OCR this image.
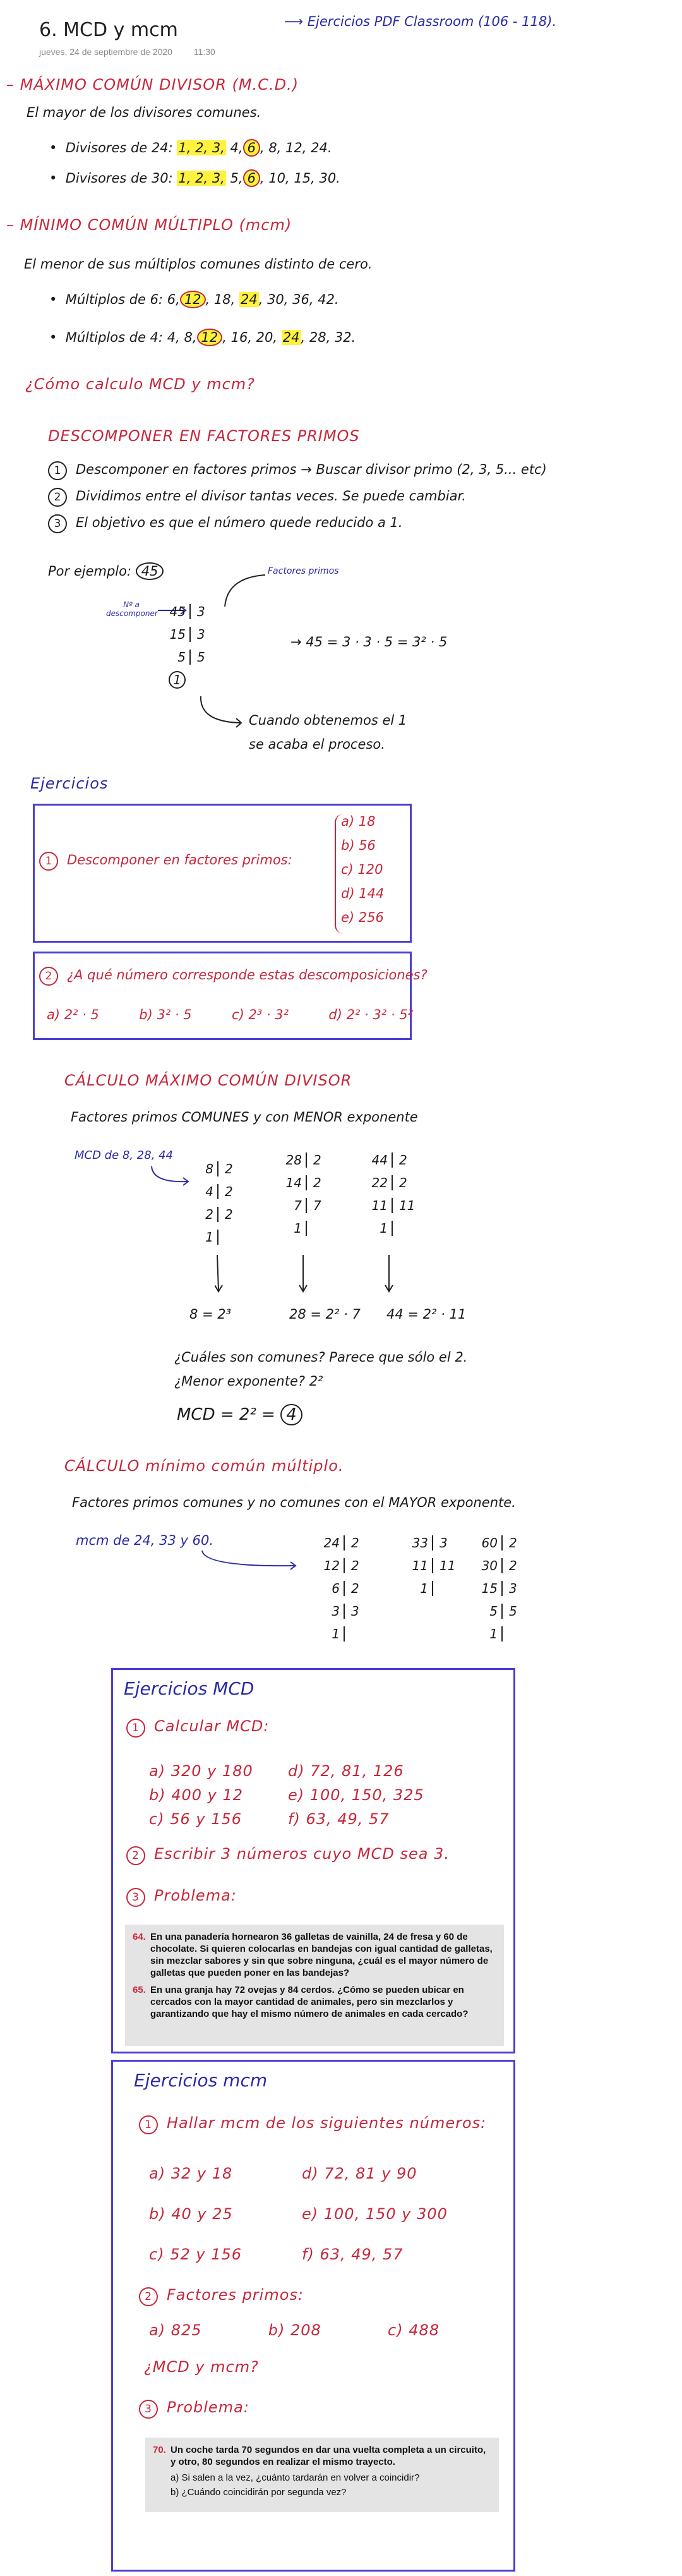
6. MCD y mcm
jueves, 24 de septiembre de 2020 11:30
⟶ Ejercicios PDF Classroom (106 - 118).
– MÁXIMO COMÚN DIVISOR (M.C.D.)
El mayor de los divisores comunes.
•  Divisores de 24: 1, 2, 3, 4, 6 , 8, 12, 24.
•  Divisores de 30: 1, 2, 3, 5, 6 , 10, 15, 30.
– MÍNIMO COMÚN MÚLTIPLO (mcm)
El menor de sus múltiplos comunes distinto de cero.
•  Múltiplos de 6: 6, 12 , 18, 24, 30, 36, 42.
•  Múltiplos de 4: 4, 8, 12 , 16, 20, 24, 28, 32.
¿Cómo calculo MCD y mcm?
DESCOMPONER EN FACTORES PRIMOS
1 Descomponer en factores primos → Buscar divisor primo (2, 3, 5... etc)
2 Dividimos entre el divisor tantas veces. Se puede cambiar.
3 El objetivo es que el número quede reducido a 1.
Por ejemplo: 45	Factores primos
Nº a descomponer 45 3
15 3
5 5
1
→ 45 = 3 · 3 · 5 = 3² · 5
Cuando obtenemos el 1
se acaba el proceso.
Ejercicios
1 Descomponer en factores primos:
a) 18
b) 56
c) 120
d) 144
e) 256
2 ¿A qué número corresponde estas descomposiciones?
a) 2² · 5	b) 3² · 5	c) 2³ · 3²	d) 2² · 3² · 5²
CÁLCULO MÁXIMO COMÚN DIVISOR
Factores primos COMUNES y con MENOR exponente
MCD de 8, 28, 44
8 2
4 2
2 2
1
28 2
14 2
7 7
1
44 2
22 2
11 11
1
8 = 2³	28 = 2² · 7 44 = 2² · 11
¿Cuáles son comunes? Parece que sólo el 2.
¿Menor exponente? 2²
MCD = 2² = 4
CÁLCULO mínimo común múltiplo.
Factores primos comunes y no comunes con el MAYOR exponente.
mcm de 24, 33 y 60.	24 2
12 2
6 2
3 3
1
33 3
11 11
1
60 2
30 2
15 3
5 5
1
Ejercicios MCD
1 Calcular MCD:
a) 320 y 180
b) 400 y 12
c) 56 y 156
d) 72, 81, 126
e) 100, 150, 325
f) 63, 49, 57
2 Escribir 3 números cuyo MCD sea 3.
3 Problema:
64. En una panadería hornearon 36 galletas de vainilla, 24 de fresa y 60 de chocolate. Si quieren colocarlas en bandejas con igual cantidad de galletas, sin mezclar sabores y sin que sobre ninguna, ¿cuál es el mayor número de galletas que pueden poner en las bandejas?
65. En una granja hay 72 ovejas y 84 cerdos. ¿Cómo se pueden ubicar en cercados con la mayor cantidad de animales, pero sin mezclarlos y garantizando que hay el mismo número de animales en cada cercado?
Ejercicios mcm
1 Hallar mcm de los siguientes números:
a) 32 y 18
b) 40 y 25
c) 52 y 156
d) 72, 81 y 90
e) 100, 150 y 300
f) 63, 49, 57
2 Factores primos:
a) 825	b) 208	c) 488
¿MCD y mcm?
3 Problema:
70. Un coche tarda 70 segundos en dar una vuelta completa a un circuito, y otro, 80 segundos en realizar el mismo trayecto.
a) Si salen a la vez, ¿cuánto tardarán en volver a coincidir?
b) ¿Cuándo coincidirán por segunda vez?
